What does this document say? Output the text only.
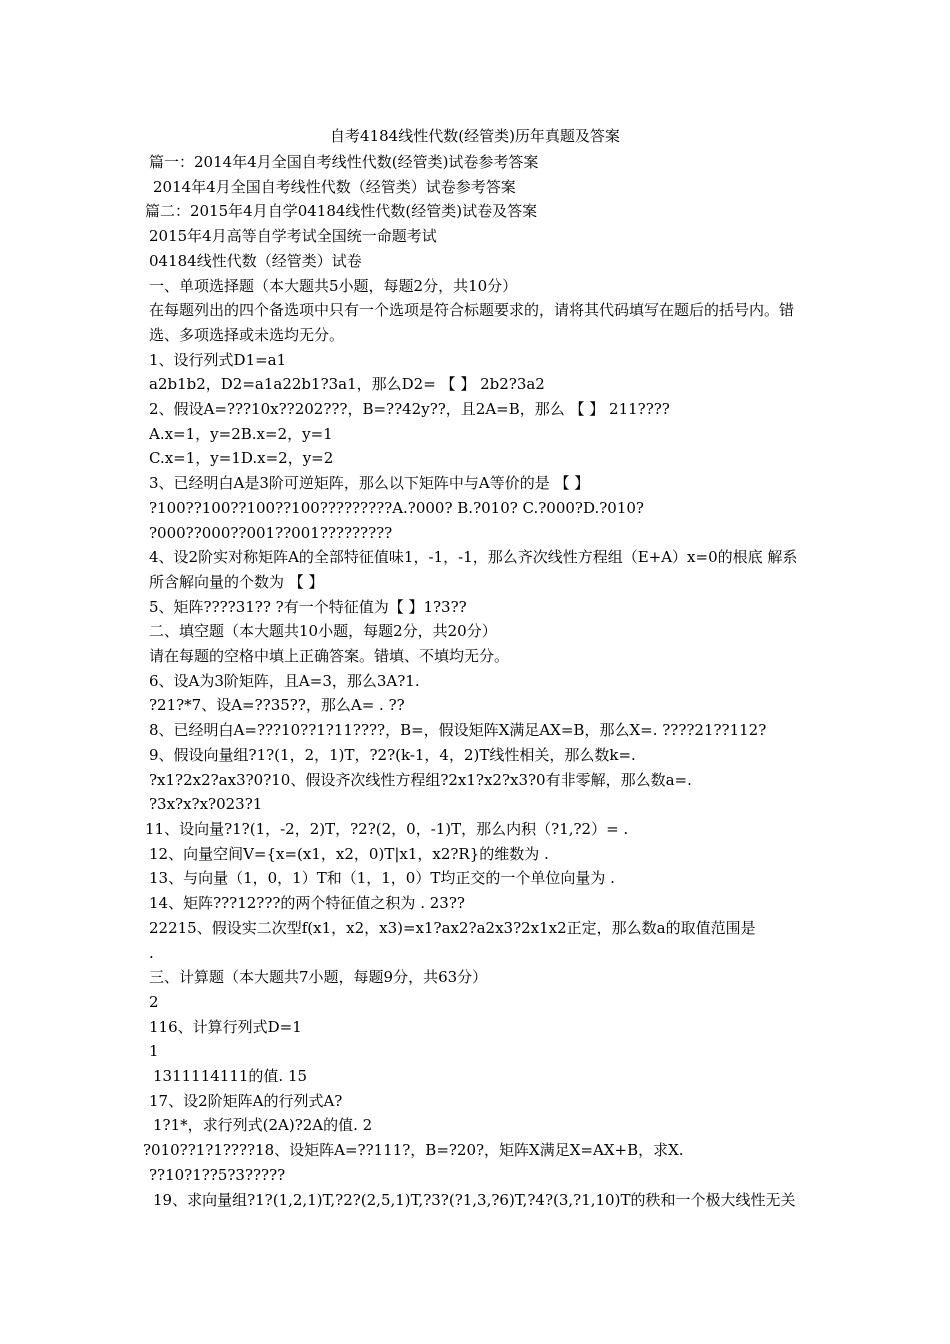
自考4184线性代数(经管类)历年真题及答案
篇一：2014年4月全国自考线性代数(经管类)试卷参考答案
2014年4月全国自考线性代数（经管类）试卷参考答案
篇二：2015年4月自学04184线性代数(经管类)试卷及答案
2015年4月高等自学考试全国统一命题考试
04184线性代数（经管类）试卷
一、单项选择题（本大题共5小题，每题2分，共10分）
在每题列出的四个备选项中只有一个选项是符合标题要求的，请将其代码填写在题后的括号内。错选、多项选择或未选均无分。
1、设行列式D1=a1
a2b1b2，D2=a1a22b1?3a1，那么D2= 【 】 2b2?3a2
2、假设A=???10x??202???，B=??42y??，且2A=B，那么 【 】 211????
A.x=1，y=2B.x=2，y=1
C.x=1，y=1D.x=2，y=2
3、已经明白A是3阶可逆矩阵，那么以下矩阵中与A等价的是 【 】
?100??100??100??100?????????A.?000? B.?010? C.?000?D.?010?
?000??000??001??001?????????
4、设2阶实对称矩阵A的全部特征值味1，-1，-1，那么齐次线性方程组（E+A）x=0的根底 解系所含解向量的个数为 【 】
5、矩阵????31?? ?有一个特征值为【 】1?3??
二、填空题（本大题共10小题，每题2分，共20分）
请在每题的空格中填上正确答案。错填、不填均无分。
6、设A为3阶矩阵，且A=3，那么3A?1.
?21?*7、设A=??35??，那么A= . ??
8、已经明白A=???10??1?11????，B=，假设矩阵X满足AX=B，那么X=. ????21??112?
9、假设向量组?1?(1，2，1)T，?2?(k-1，4，2)T线性相关，那么数k=.
?x1?2x2?ax3?0?10、假设齐次线性方程组?2x1?x2?x3?0有非零解，那么数a=.
?3x?x?x?023?1
11、设向量?1?(1，-2，2)T，?2?(2，0，-1)T，那么内积（?1,?2）= .
12、向量空间V={x=(x1，x2，0)T|x1，x2?R}的维数为 .
13、与向量（1，0，1）T和（1，1，0）T均正交的一个单位向量为 .
14、矩阵???12???的两个特征值之积为 . 23??
22215、假设实二次型f(x1，x2，x3)=x1?ax2?a2x3?2x1x2正定，那么数a的取值范围是
.
三、计算题（本大题共7小题，每题9分，共63分）
2
116、计算行列式D=1
1
1311114111的值. 15
17、设2阶矩阵A的行列式A?
1?1*，求行列式(2A)?2A的值. 2
?010??1?1????18、设矩阵A=??111?，B=?20?，矩阵X满足X=AX+B，求X.
??10?1??5?3?????
19、求向量组?1?(1,2,1)T,?2?(2,5,1)T,?3?(?1,3,?6)T,?4?(3,?1,10)T的秩和一个极大线性无关
